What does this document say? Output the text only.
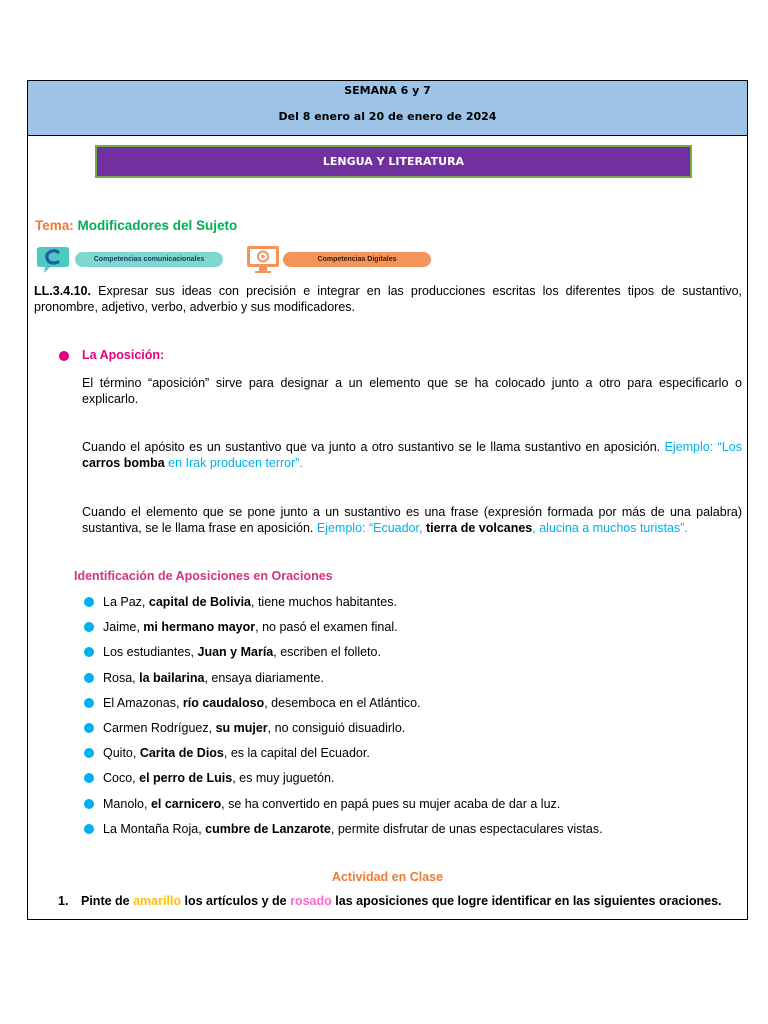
SEMANA 6 y 7
Del 8 enero al 20 de enero de 2024
LENGUA Y LITERATURA
Tema: Modificadores del Sujeto
Competencias comunicacionales	Competencias Digitales
LL.3.4.10. Expresar sus ideas con precisión e integrar en las producciones escritas los diferentes tipos de sustantivo, pronombre, adjetivo, verbo, adverbio y sus modificadores.
La Aposición:
El término “aposición” sirve para designar a un elemento que se ha colocado junto a otro para especificarlo o explicarlo.
Cuando el apósito es un sustantivo que va junto a otro sustantivo se le llama sustantivo en aposición. Ejemplo: “Los carros bomba en Irak producen terror”.
Cuando el elemento que se pone junto a un sustantivo es una frase (expresión formada por más de una palabra) sustantiva, se le llama frase en aposición. Ejemplo: “Ecuador, tierra de volcanes, alucina a muchos turistas”.
Identificación de Aposiciones en Oraciones
La Paz, capital de Bolivia, tiene muchos habitantes.
Jaime, mi hermano mayor, no pasó el examen final.
Los estudiantes, Juan y María, escriben el folleto.
Rosa, la bailarina, ensaya diariamente.
El Amazonas, río caudaloso, desemboca en el Atlántico.
Carmen Rodríguez, su mujer, no consiguió disuadirlo.
Quito, Carita de Dios, es la capital del Ecuador.
Coco, el perro de Luis, es muy juguetón.
Manolo, el carnicero, se ha convertido en papá pues su mujer acaba de dar a luz.
La Montaña Roja, cumbre de Lanzarote, permite disfrutar de unas espectaculares vistas.
Actividad en Clase
1. Pinte de amarillo los artículos y de rosado las aposiciones que logre identificar en las siguientes oraciones.
